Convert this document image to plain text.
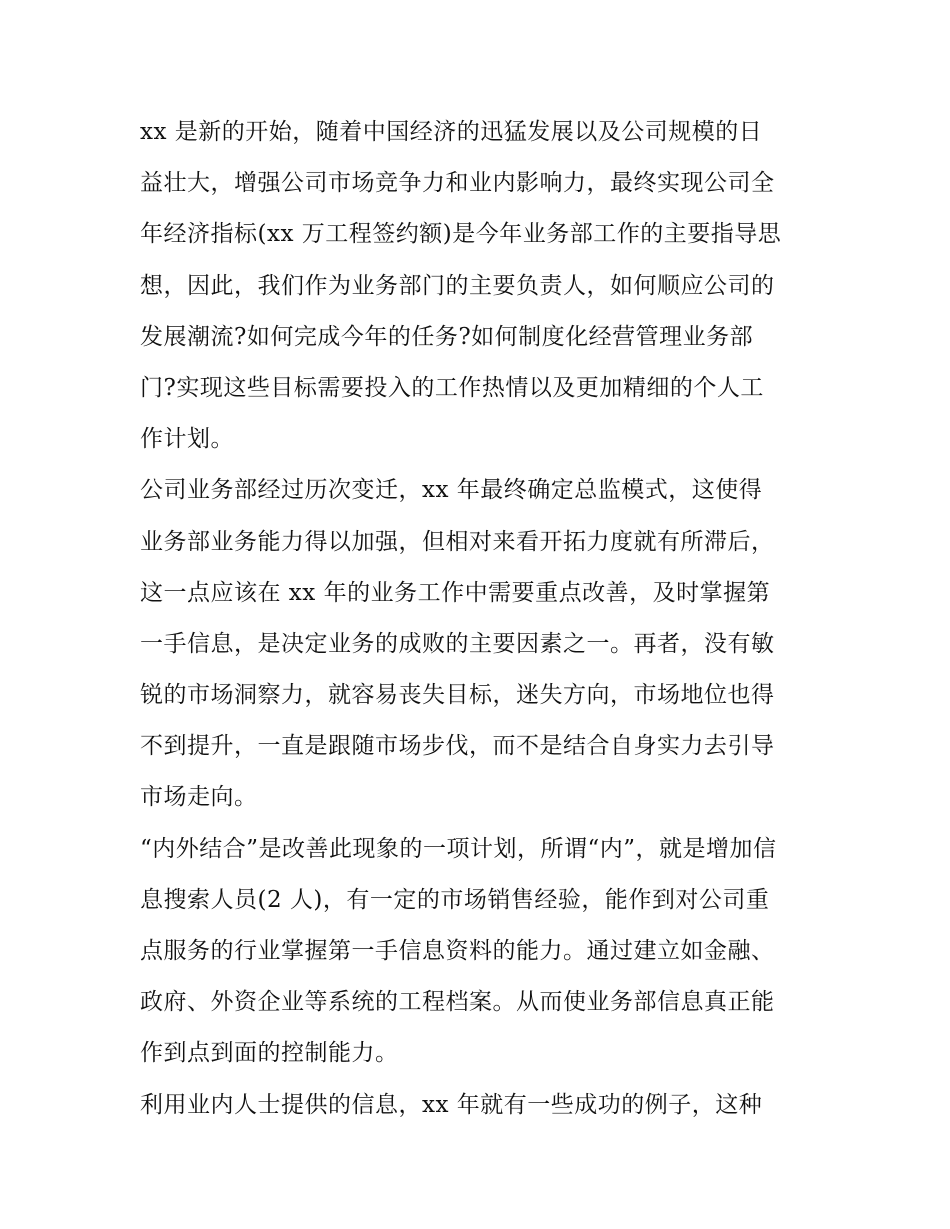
xx 是新的开始，随着中国经济的迅猛发展以及公司规模的日
益壮大，增强公司市场竞争力和业内影响力，最终实现公司全
年经济指标(xx 万工程签约额)是今年业务部工作的主要指导思
想，因此，我们作为业务部门的主要负责人，如何顺应公司的
发展潮流?如何完成今年的任务?如何制度化经营管理业务部
门?实现这些目标需要投入的工作热情以及更加精细的个人工
作计划。
公司业务部经过历次变迁，xx 年最终确定总监模式，这使得
业务部业务能力得以加强，但相对来看开拓力度就有所滞后，
这一点应该在 xx 年的业务工作中需要重点改善，及时掌握第
一手信息，是决定业务的成败的主要因素之一。再者，没有敏
锐的市场洞察力，就容易丧失目标，迷失方向，市场地位也得
不到提升，一直是跟随市场步伐，而不是结合自身实力去引导
市场走向。
“内外结合”是改善此现象的一项计划，所谓“内”，就是增加信
息搜索人员(2 人)，有一定的市场销售经验，能作到对公司重
点服务的行业掌握第一手信息资料的能力。通过建立如金融、
政府、外资企业等系统的工程档案。从而使业务部信息真正能
作到点到面的控制能力。
利用业内人士提供的信息，xx 年就有一些成功的例子，这种
